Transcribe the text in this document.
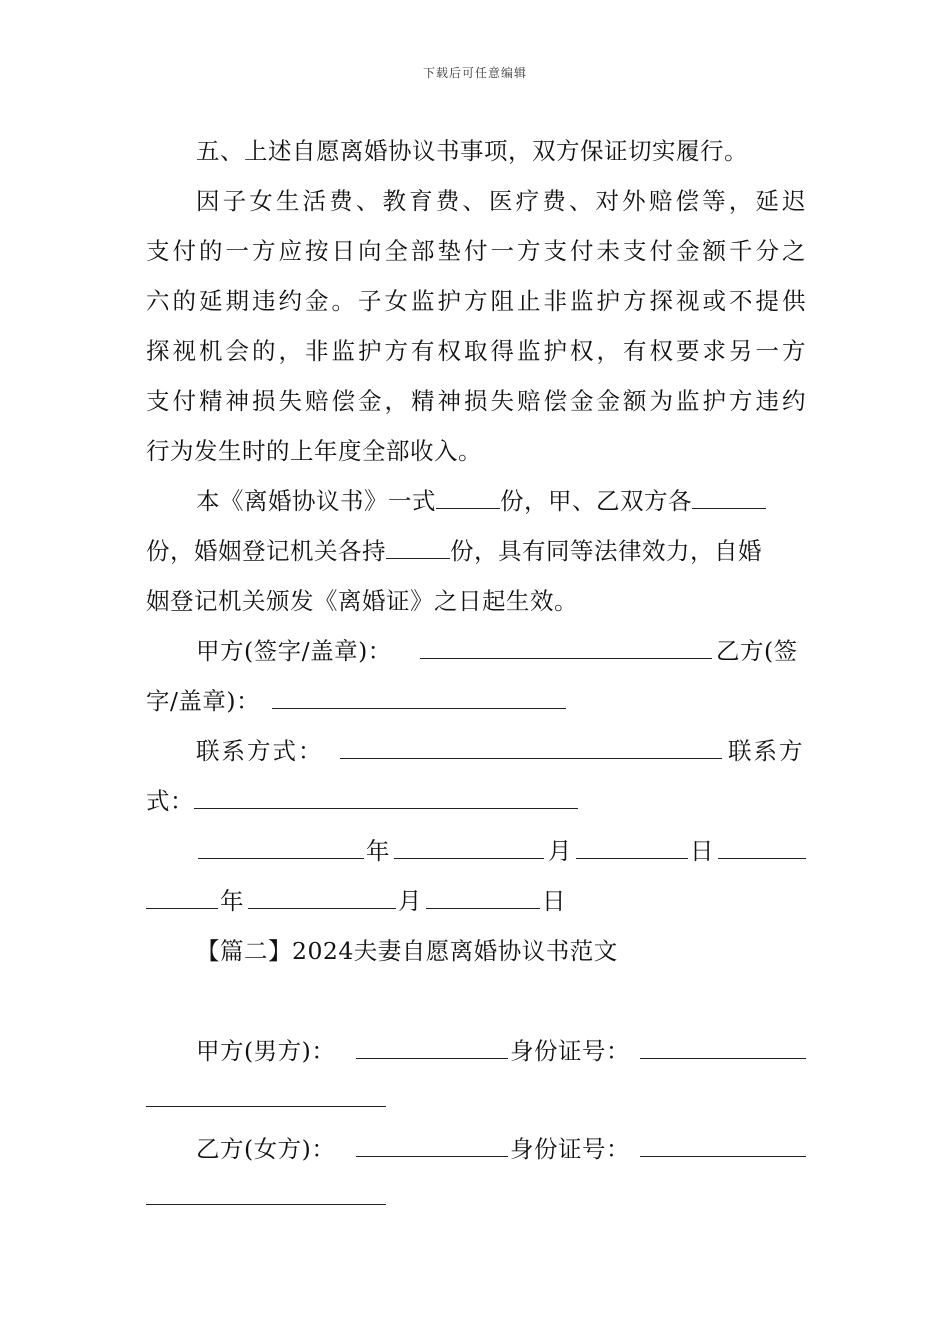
下载后可任意编辑
五、上述自愿离婚协议书事项，双方保证切实履行。
因子女生活费、教育费、医疗费、对外赔偿等，延迟
支付的一方应按日向全部垫付一方支付未支付金额千分之
六的延期违约金。子女监护方阻止非监护方探视或不提供
探视机会的，非监护方有权取得监护权，有权要求另一方
支付精神损失赔偿金，精神损失赔偿金金额为监护方违约
行为发生时的上年度全部收入。
本《离婚协议书》一式	份，甲、乙双方各
份，婚姻登记机关各持	份，具有同等法律效力，自婚
姻登记机关颁发《离婚证》之日起生效。
甲方(签字/盖章)：	乙方(签
字/盖章)：
联系方式：	联系方
式：
年	月	日
年	月	日
【篇二】2024夫妻自愿离婚协议书范文
甲方(男方)：	身份证号：
乙方(女方)：	身份证号：
